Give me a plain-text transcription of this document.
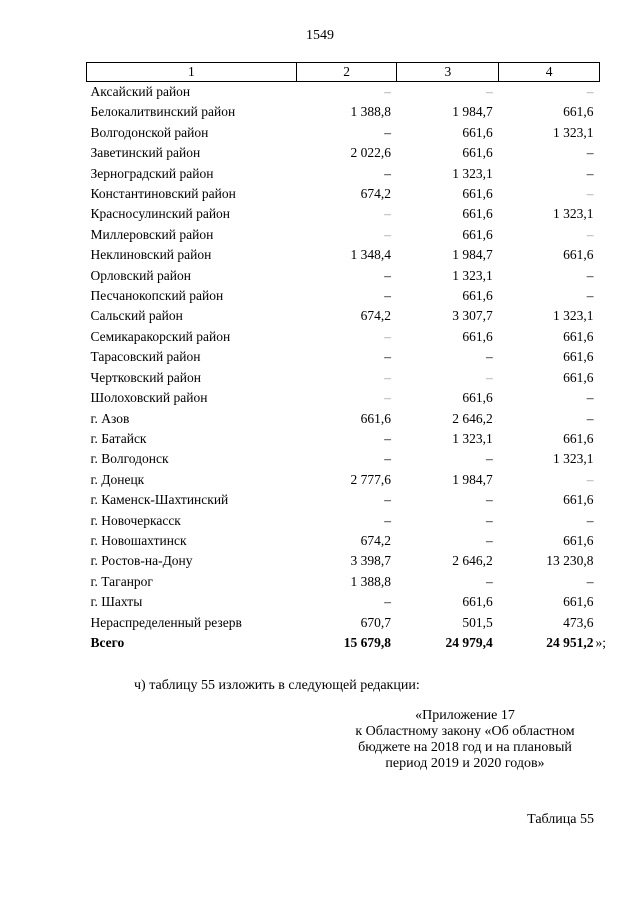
1549
1	2	3	4
Аксайский район	–	–	–
Белокалитвинский район	1 388,8	1 984,7	661,6
Волгодонской район	–	661,6	1 323,1
Заветинский район	2 022,6	661,6	–
Зерноградский район	–	1 323,1	–
Константиновский район	674,2	661,6	–
Красносулинский район	–	661,6	1 323,1
Миллеровский район	–	661,6	–
Неклиновский район	1 348,4	1 984,7	661,6
Орловский район	–	1 323,1	–
Песчанокопский район	–	661,6	–
Сальский район	674,2	3 307,7	1 323,1
Семикаракорский район	–	661,6	661,6
Тарасовский район	–	–	661,6
Чертковский район	–	–	661,6
Шолоховский район	–	661,6	–
г. Азов	661,6	2 646,2	–
г. Батайск	–	1 323,1	661,6
г. Волгодонск	–	–	1 323,1
г. Донецк	2 777,6	1 984,7	–
г. Каменск-Шахтинский	–	–	661,6
г. Новочеркасск	–	–	–
г. Новошахтинск	674,2	–	661,6
г. Ростов-на-Дону	3 398,7	2 646,2	13 230,8
г. Таганрог	1 388,8	–	–
г. Шахты	–	661,6	661,6
Нераспределенный резерв	670,7	501,5	473,6
Всего	15 679,8	24 979,4	24 951,2 »;
ч) таблицу 55 изложить в следующей редакции:
«Приложение 17
к Областному закону «Об областном
бюджете на 2018 год и на плановый
период 2019 и 2020 годов»
Таблица 55
